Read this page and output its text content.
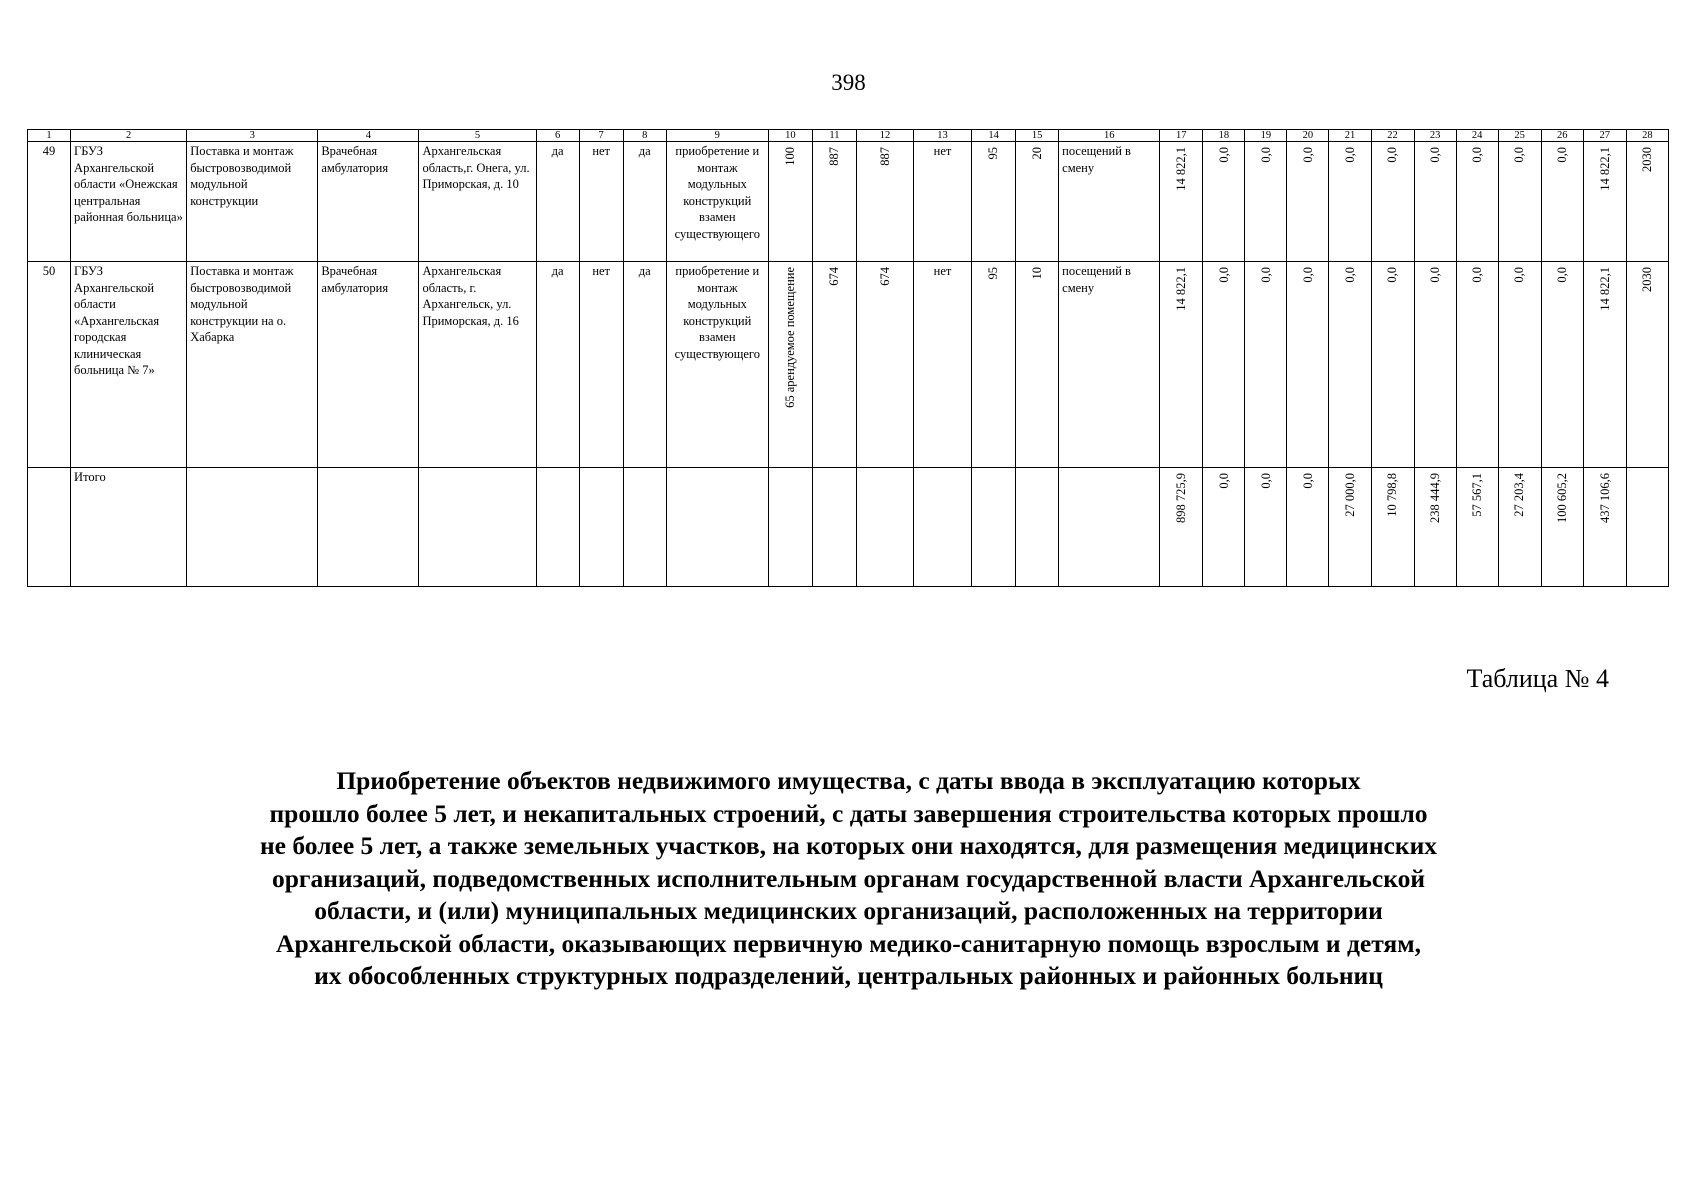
398
1	2	3	4	5	6	7	8	9	10	11	12	13	14	15	16	17	18	19	20	21	22	23	24	25	26	27	28
49	ГБУЗ Архангельской области «Онежская центральная районная больница»	Поставка и монтаж быстровозводимой модульной конструкции	Врачебная амбулатория	Архангельская область,г. Онега, ул. Приморская, д. 10	да	нет	да	приобретение и монтаж модульных конструкций взамен существующего	100	887	887	нет	95	20	посещений в смену	14 822,1	0,0	0,0	0,0	0,0	0,0	0,0	0,0	0,0	0,0	14 822,1	2030

50	ГБУЗ Архангельской области «Архангельская городская клиническая больница № 7»	Поставка и монтаж быстровозводимой модульной конструкции на о. Хабарка	Врачебная амбулатория	Архангельская область, г. Архангельск, ул. Приморская, д. 16	да	нет	да	приобретение и монтаж модульных конструкций взамен существующего	65 арендуемое помещение	674	674	нет	95	10	посещений в смену	14 822,1	0,0	0,0	0,0	0,0	0,0	0,0	0,0	0,0	0,0	14 822,1	2030

	Итого															898 725,9	0,0	0,0	0,0	27 000,0	10 798,8	238 444,9	57 567,1	27 203,4	100 605,2	437 106,6	

Таблица № 4
Приобретение объектов недвижимого имущества, с даты ввода в эксплуатацию которых
прошло более 5 лет, и некапитальных строений, с даты завершения строительства которых прошло
не более 5 лет, а также земельных участков, на которых они находятся, для размещения медицинских
организаций, подведомственных исполнительным органам государственной власти Архангельской
области, и (или) муниципальных медицинских организаций, расположенных на территории
Архангельской области, оказывающих первичную медико-санитарную помощь взрослым и детям,
их обособленных структурных подразделений, центральных районных и районных больниц
